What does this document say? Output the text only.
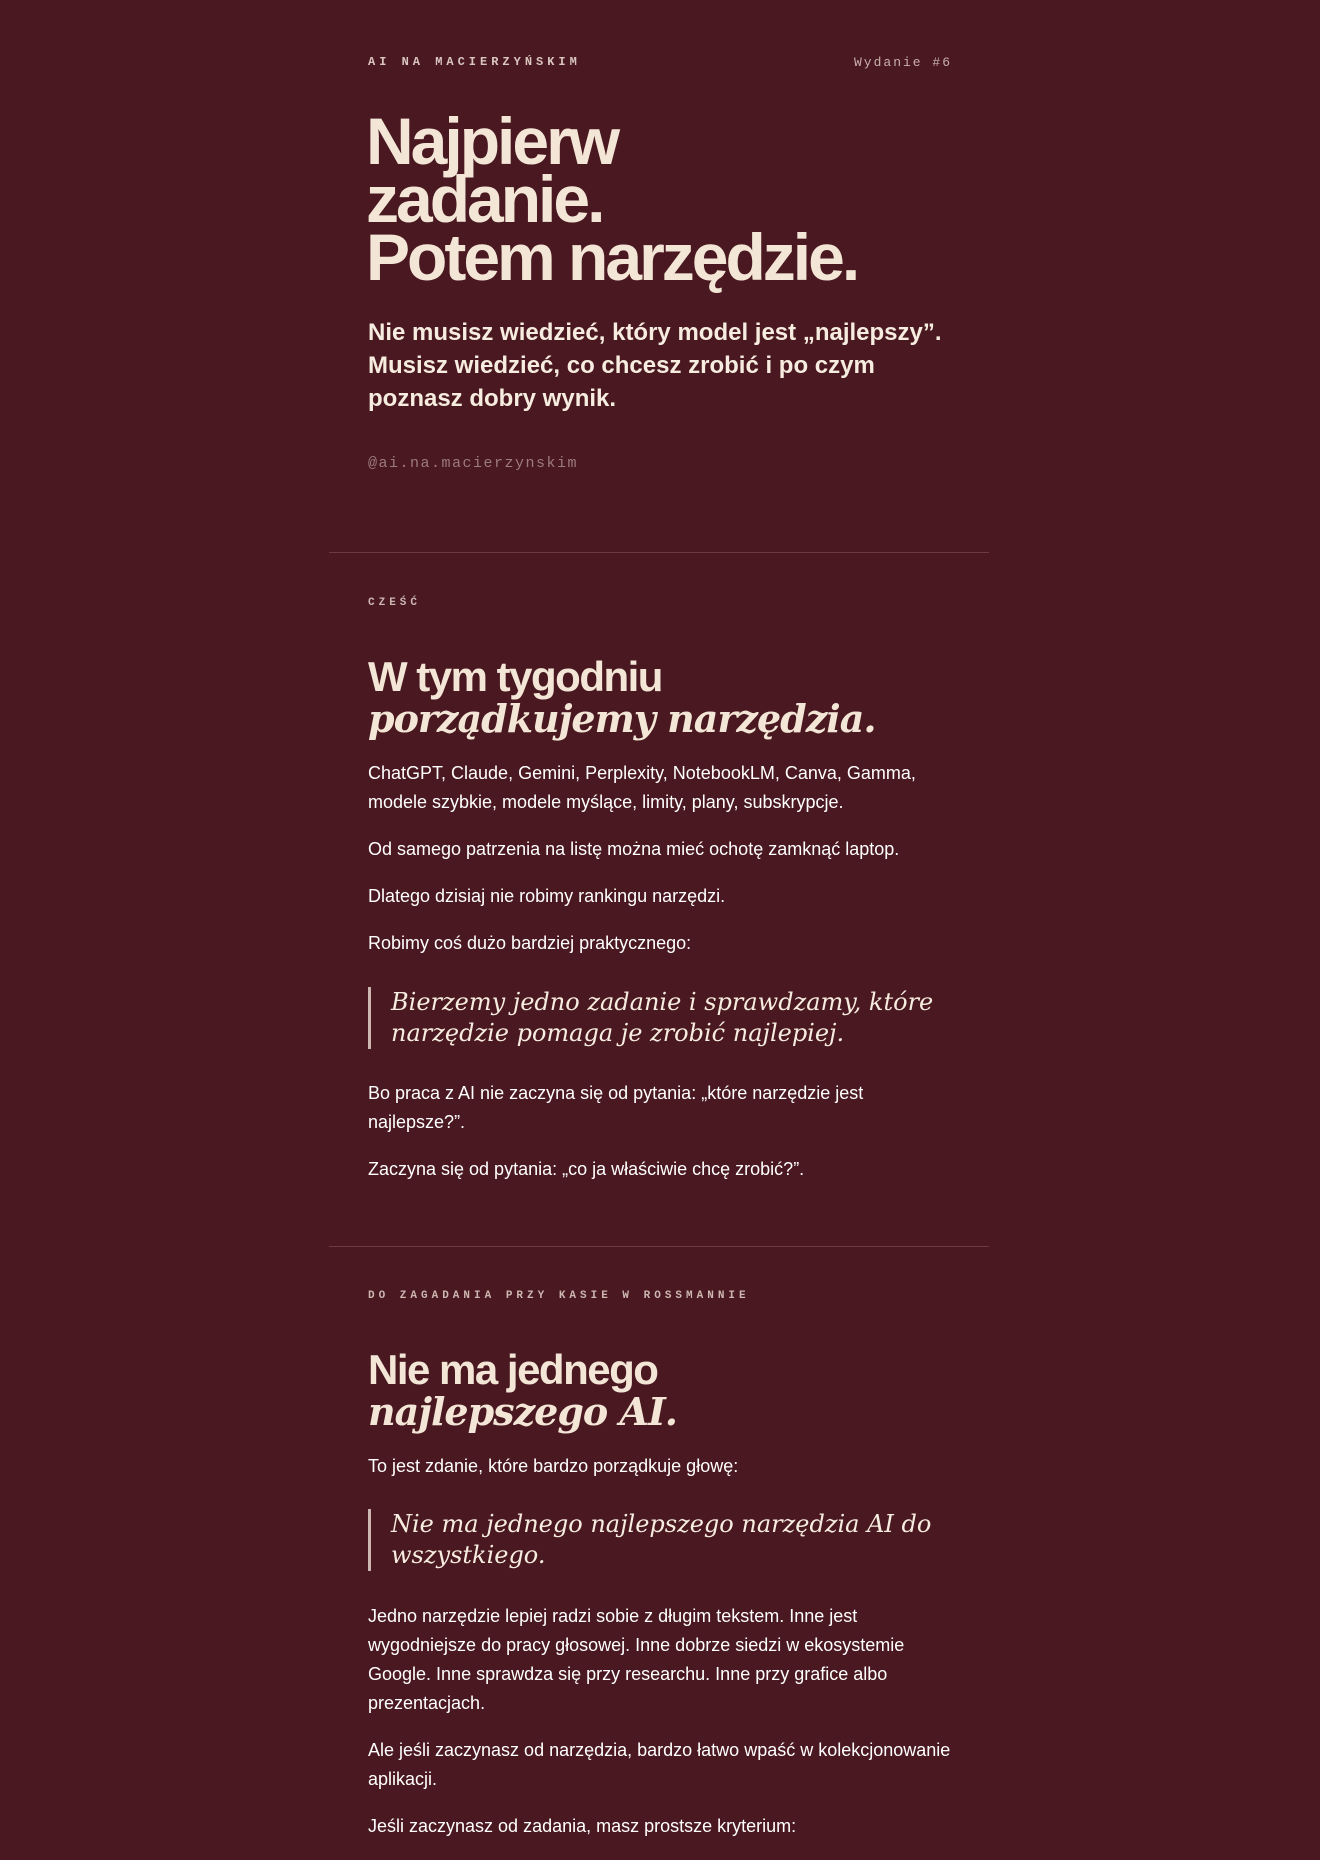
AI NA MACIERZYŃSKIM	Wydanie #6
Najpierw
zadanie.
Potem narzędzie.

Nie musisz wiedzieć, który model jest „najlepszy”. Musisz wiedzieć, co chcesz zrobić i po czym poznasz dobry wynik.

@ai.na.macierzynskim
CZEŚĆ
W tym tygodniu
porządkujemy narzędzia.

ChatGPT, Claude, Gemini, Perplexity, NotebookLM, Canva, Gamma, modele szybkie, modele myślące, limity, plany, subskrypcje.

Od samego patrzenia na listę można mieć ochotę zamknąć laptop.

Dlatego dzisiaj nie robimy rankingu narzędzi.

Robimy coś dużo bardziej praktycznego:

Bierzemy jedno zadanie i sprawdzamy, które narzędzie pomaga je zrobić najlepiej.

Bo praca z AI nie zaczyna się od pytania: „które narzędzie jest najlepsze?”.

Zaczyna się od pytania: „co ja właściwie chcę zrobić?”.

DO ZAGADANIA PRZY KASIE W ROSSMANNIE
Nie ma jednego
najlepszego AI.

To jest zdanie, które bardzo porządkuje głowę:

Nie ma jednego najlepszego narzędzia AI do wszystkiego.

Jedno narzędzie lepiej radzi sobie z długim tekstem. Inne jest wygodniejsze do pracy głosowej. Inne dobrze siedzi w ekosystemie Google. Inne sprawdza się przy researchu. Inne przy grafice albo prezentacjach.

Ale jeśli zaczynasz od narzędzia, bardzo łatwo wpaść w kolekcjonowanie aplikacji.

Jeśli zaczynasz od zadania, masz prostsze kryterium:
